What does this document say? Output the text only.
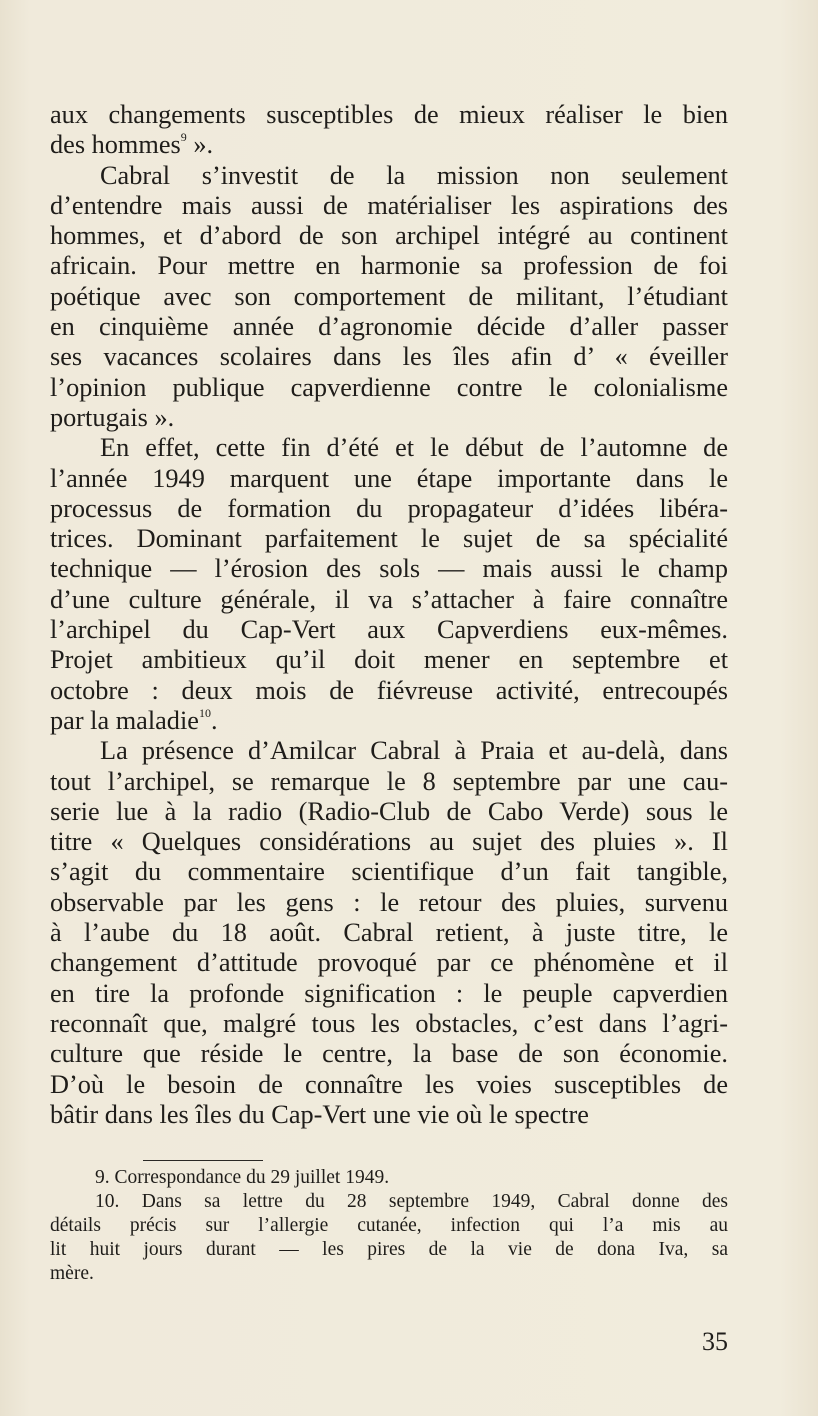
aux changements susceptibles de mieux réaliser le bien
des hommes$^9$ ».

Cabral s’investit de la mission non seulement
d’entendre mais aussi de matérialiser les aspirations des
hommes, et d’abord de son archipel intégré au continent
africain. Pour mettre en harmonie sa profession de foi
poétique avec son comportement de militant, l’étudiant
en cinquième année d’agronomie décide d’aller passer
ses vacances scolaires dans les îles afin d’ « éveiller
l’opinion publique capverdienne contre le colonialisme
portugais ».

En effet, cette fin d’été et le début de l’automne de
l’année 1949 marquent une étape importante dans le
processus de formation du propagateur d’idées libéra-
trices. Dominant parfaitement le sujet de sa spécialité
technique — l’érosion des sols — mais aussi le champ
d’une culture générale, il va s’attacher à faire connaître
l’archipel du Cap-Vert aux Capverdiens eux-mêmes.
Projet ambitieux qu’il doit mener en septembre et
octobre : deux mois de fiévreuse activité, entrecoupés
par la maladie$^{10}$.

La présence d’Amilcar Cabral à Praia et au-delà, dans
tout l’archipel, se remarque le 8 septembre par une cau-
serie lue à la radio (Radio-Club de Cabo Verde) sous le
titre « Quelques considérations au sujet des pluies ». Il
s’agit du commentaire scientifique d’un fait tangible,
observable par les gens : le retour des pluies, survenu
à l’aube du 18 août. Cabral retient, à juste titre, le
changement d’attitude provoqué par ce phénomène et il
en tire la profonde signification : le peuple capverdien
reconnaît que, malgré tous les obstacles, c’est dans l’agri-
culture que réside le centre, la base de son économie.
D’où le besoin de connaître les voies susceptibles de
bâtir dans les îles du Cap-Vert une vie où le spectre

9. Correspondance du 29 juillet 1949.

10. Dans sa lettre du 28 septembre 1949, Cabral donne des
détails précis sur l’allergie cutanée, infection qui l’a mis au
lit huit jours durant — les pires de la vie de dona Iva, sa
mère.

35
